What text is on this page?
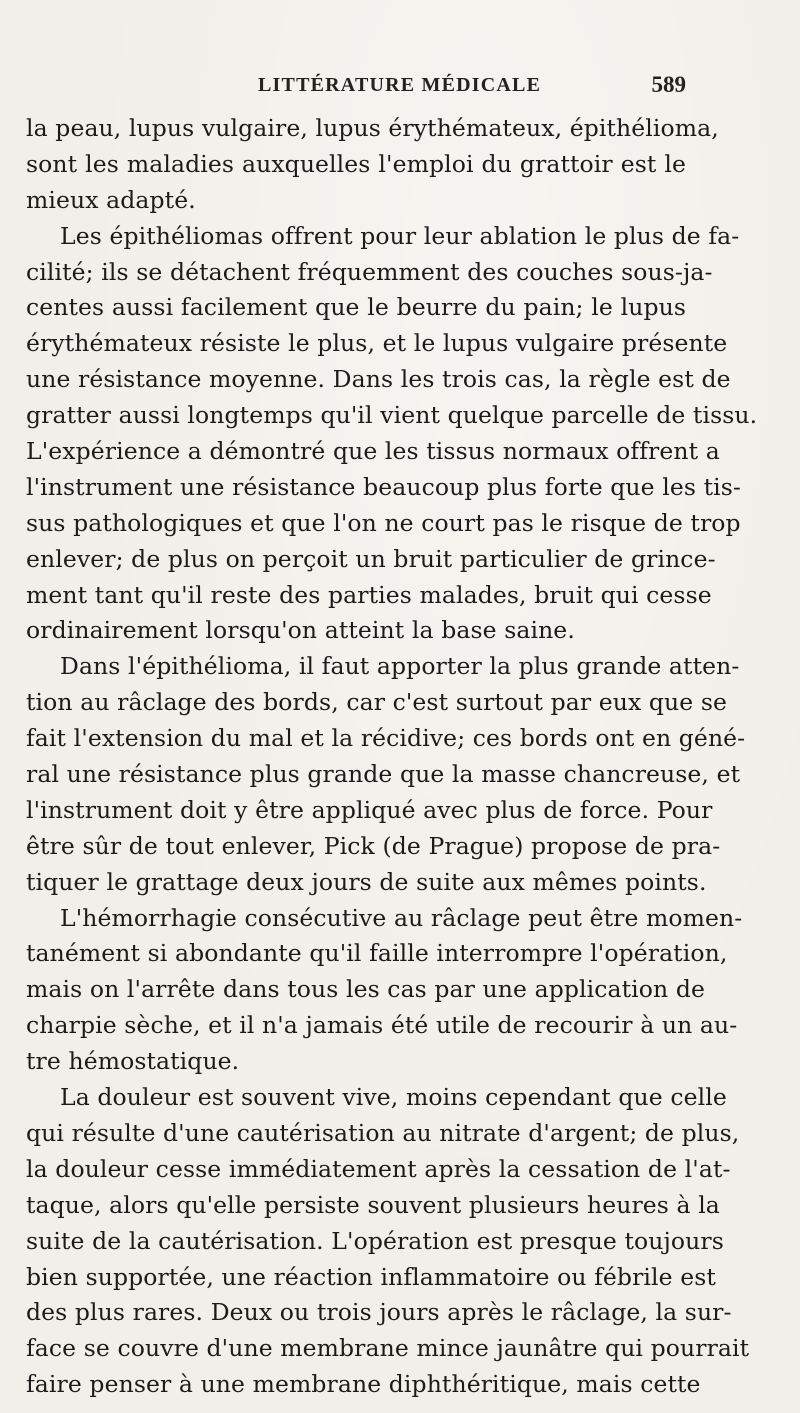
LITTÉRATURE MÉDICALE	589
la peau, lupus vulgaire, lupus érythémateux, épithélioma,
sont les maladies auxquelles l'emploi du grattoir est le
mieux adapté.
Les épithéliomas offrent pour leur ablation le plus de fa-
cilité; ils se détachent fréquemment des couches sous-ja-
centes aussi facilement que le beurre du pain; le lupus
érythémateux résiste le plus, et le lupus vulgaire présente
une résistance moyenne. Dans les trois cas, la règle est de
gratter aussi longtemps qu'il vient quelque parcelle de tissu.
L'expérience a démontré que les tissus normaux offrent a
l'instrument une résistance beaucoup plus forte que les tis-
sus pathologiques et que l'on ne court pas le risque de trop
enlever; de plus on perçoit un bruit particulier de grince-
ment tant qu'il reste des parties malades, bruit qui cesse
ordinairement lorsqu'on atteint la base saine.
Dans l'épithélioma, il faut apporter la plus grande atten-
tion au râclage des bords, car c'est surtout par eux que se
fait l'extension du mal et la récidive; ces bords ont en géné-
ral une résistance plus grande que la masse chancreuse, et
l'instrument doit y être appliqué avec plus de force. Pour
être sûr de tout enlever, Pick (de Prague) propose de pra-
tiquer le grattage deux jours de suite aux mêmes points.
L'hémorrhagie consécutive au râclage peut être momen-
tanément si abondante qu'il faille interrompre l'opération,
mais on l'arrête dans tous les cas par une application de
charpie sèche, et il n'a jamais été utile de recourir à un au-
tre hémostatique.
La douleur est souvent vive, moins cependant que celle
qui résulte d'une cautérisation au nitrate d'argent; de plus,
la douleur cesse immédiatement après la cessation de l'at-
taque, alors qu'elle persiste souvent plusieurs heures à la
suite de la cautérisation. L'opération est presque toujours
bien supportée, une réaction inflammatoire ou fébrile est
des plus rares. Deux ou trois jours après le râclage, la sur-
face se couvre d'une membrane mince jaunâtre qui pourrait
faire penser à une membrane diphthéritique, mais cette
